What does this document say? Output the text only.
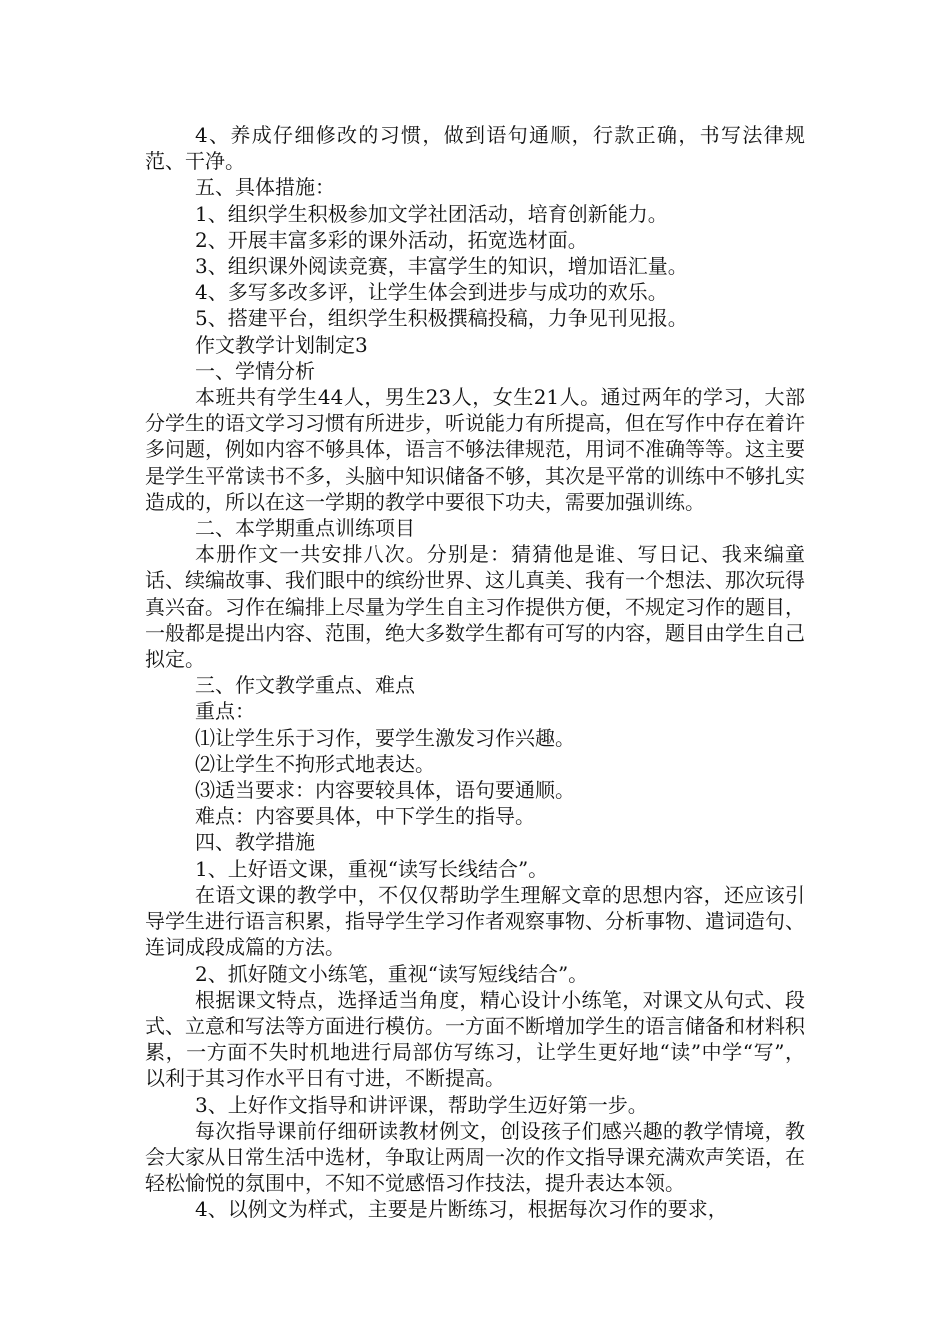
4、养成仔细修改的习惯，做到语句通顺，行款正确，书写法律规范、干净。

五、具体措施：

1、组织学生积极参加文学社团活动，培育创新能力。

2、开展丰富多彩的课外活动，拓宽选材面。

3、组织课外阅读竞赛，丰富学生的知识，增加语汇量。

4、多写多改多评，让学生体会到进步与成功的欢乐。

5、搭建平台，组织学生积极撰稿投稿，力争见刊见报。

作文教学计划制定3

一、学情分析

本班共有学生44人，男生23人，女生21人。通过两年的学习，大部分学生的语文学习习惯有所进步，听说能力有所提高，但在写作中存在着许多问题，例如内容不够具体，语言不够法律规范，用词不准确等等。这主要是学生平常读书不多，头脑中知识储备不够，其次是平常的训练中不够扎实造成的，所以在这一学期的教学中要很下功夫，需要加强训练。

二、本学期重点训练项目

本册作文一共安排八次。分别是：猜猜他是谁、写日记、我来编童话、续编故事、我们眼中的缤纷世界、这儿真美、我有一个想法、那次玩得真兴奋。习作在编排上尽量为学生自主习作提供方便，不规定习作的题目，一般都是提出内容、范围，绝大多数学生都有可写的内容，题目由学生自己拟定。

三、作文教学重点、难点

重点：

⑴让学生乐于习作，要学生激发习作兴趣。

⑵让学生不拘形式地表达。

⑶适当要求：内容要较具体，语句要通顺。

难点：内容要具体，中下学生的指导。

四、教学措施

1、上好语文课，重视“读写长线结合”。

在语文课的教学中，不仅仅帮助学生理解文章的思想内容，还应该引导学生进行语言积累，指导学生学习作者观察事物、分析事物、遣词造句、连词成段成篇的方法。

2、抓好随文小练笔，重视“读写短线结合”。

根据课文特点，选择适当角度，精心设计小练笔，对课文从句式、段式、立意和写法等方面进行模仿。一方面不断增加学生的语言储备和材料积累，一方面不失时机地进行局部仿写练习，让学生更好地“读”中学“写”，以利于其习作水平日有寸进，不断提高。

3、上好作文指导和讲评课，帮助学生迈好第一步。

每次指导课前仔细研读教材例文，创设孩子们感兴趣的教学情境，教会大家从日常生活中选材，争取让两周一次的作文指导课充满欢声笑语，在轻松愉悦的氛围中，不知不觉感悟习作技法，提升表达本领。

4、以例文为样式，主要是片断练习，根据每次习作的要求，
